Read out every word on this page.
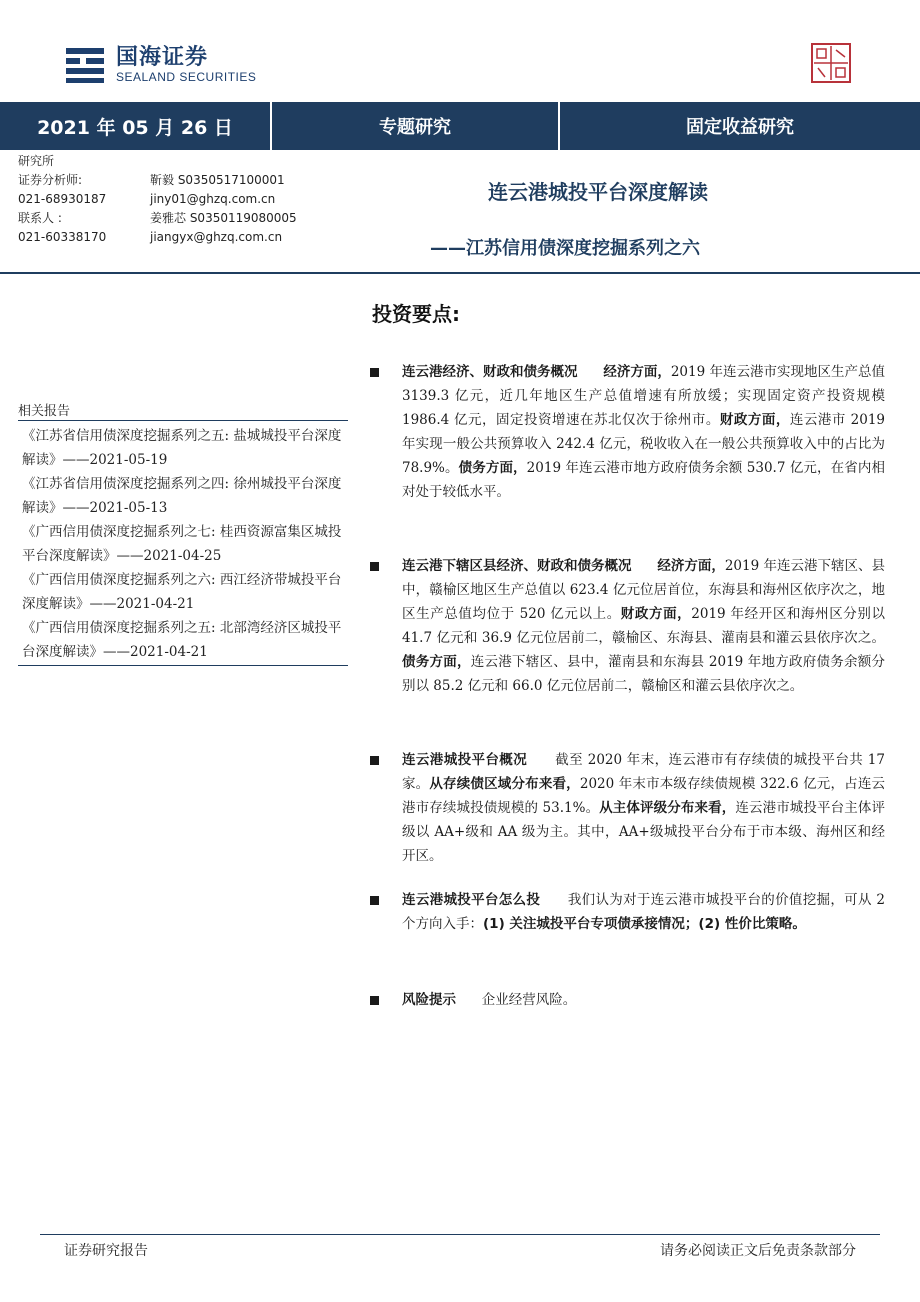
国海证券
SEALAND SECURITIES
2021 年 05 月 26 日	专题研究	固定收益研究
研究所
证券分析师:	靳毅 S0350517100001
021-68930187	jiny01@ghzq.com.cn
联系人 :	姜雅芯 S0350119080005
021-60338170	jiangyx@ghzq.com.cn
连云港城投平台深度解读
——江苏信用债深度挖掘系列之六
相关报告

《江苏省信用债深度挖掘系列之五: 盐城城投平台深度解读》——2021-05-19

《江苏省信用债深度挖掘系列之四: 徐州城投平台深度解读》——2021-05-13

《广西信用债深度挖掘系列之七: 桂西资源富集区城投平台深度解读》——2021-04-25

《广西信用债深度挖掘系列之六: 西江经济带城投平台深度解读》——2021-04-21

《广西信用债深度挖掘系列之五: 北部湾经济区城投平台深度解读》——2021-04-21

投资要点:
连云港经济、财政和债务概况 经济方面，2019 年连云港市实现地区生产总值 3139.3 亿元，近几年地区生产总值增速有所放缓；实现固定资产投资规模 1986.4 亿元，固定投资增速在苏北仅次于徐州市。财政方面，连云港市 2019 年实现一般公共预算收入 242.4 亿元，税收收入在一般公共预算收入中的占比为 78.9%。债务方面，2019 年连云港市地方政府债务余额 530.7 亿元，在省内相对处于较低水平。
连云港下辖区县经济、财政和债务概况 经济方面，2019 年连云港下辖区、县中，赣榆区地区生产总值以 623.4 亿元位居首位，东海县和海州区依序次之，地区生产总值均位于 520 亿元以上。财政方面，2019 年经开区和海州区分别以 41.7 亿元和 36.9 亿元位居前二，赣榆区、东海县、灌南县和灌云县依序次之。债务方面，连云港下辖区、县中，灌南县和东海县 2019 年地方政府债务余额分别以 85.2 亿元和 66.0 亿元位居前二，赣榆区和灌云县依序次之。
连云港城投平台概况 截至 2020 年末，连云港市有存续债的城投平台共 17 家。从存续债区域分布来看，2020 年末市本级存续债规模 322.6 亿元，占连云港市存续城投债规模的 53.1%。从主体评级分布来看，连云港市城投平台主体评级以 AA+级和 AA 级为主。其中，AA+级城投平台分布于市本级、海州区和经开区。
连云港城投平台怎么投 我们认为对于连云港市城投平台的价值挖掘，可从 2 个方向入手：(1) 关注城投平台专项债承接情况；(2) 性价比策略。
风险提示 企业经营风险。
证券研究报告	请务必阅读正文后免责条款部分
